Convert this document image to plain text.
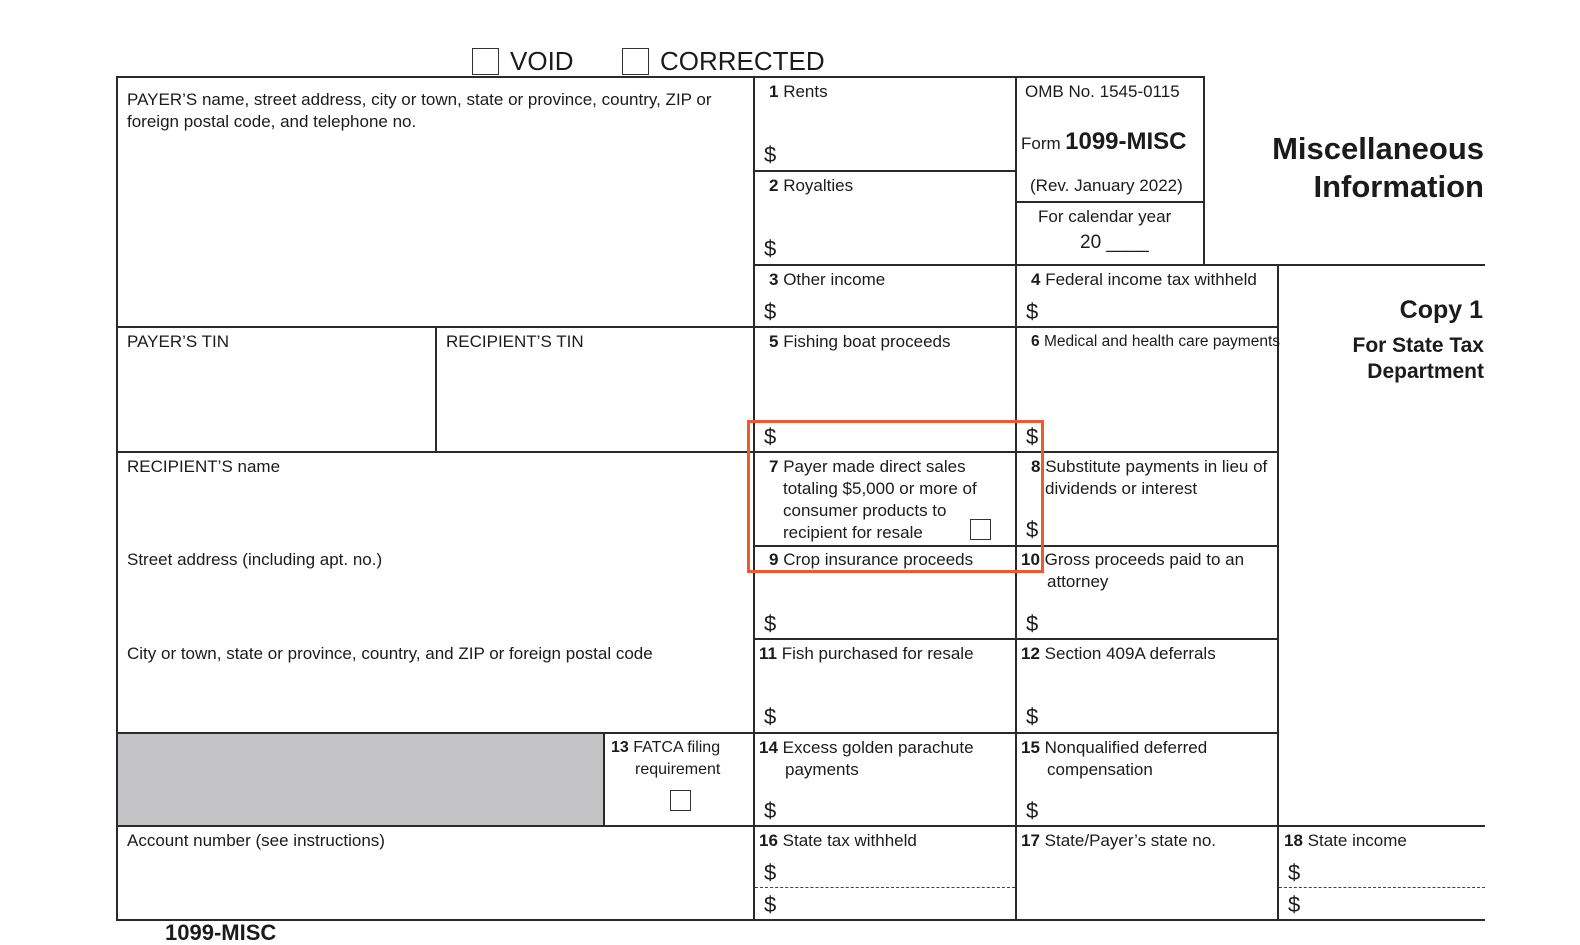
VOID	CORRECTED
PAYER’S name, street address, city or town, state or province, country, ZIP or foreign postal code, and telephone no.
PAYER’S TIN	RECIPIENT’S TIN
RECIPIENT’S name
Street address (including apt. no.)
City or town, state or province, country, and ZIP or foreign postal code
Account number (see instructions)
OMB No. 1545-0115
Form 1099-MISC
(Rev. January 2022)
For calendar year
20 ____
Miscellaneous
Information
Copy 1
For State Tax
Department
1 Rents
$
2 Royalties
$
3 Other income
$
4 Federal income tax withheld
$
5 Fishing boat proceeds
$
6 Medical and health care payments
$
7 Payer made direct sales
totaling $5,000 or more of
consumer products to
recipient for resale
8 Substitute payments in lieu of
dividends or interest
$
9 Crop insurance proceeds
$
10 Gross proceeds paid to an
attorney
$
11 Fish purchased for resale
$
12 Section 409A deferrals
$
13 FATCA filing
requirement
14 Excess golden parachute
payments
$
15 Nonqualified deferred
compensation
$
16 State tax withheld
$
$
17 State/Payer’s state no.	18 State income
$
$
1099-MISC
